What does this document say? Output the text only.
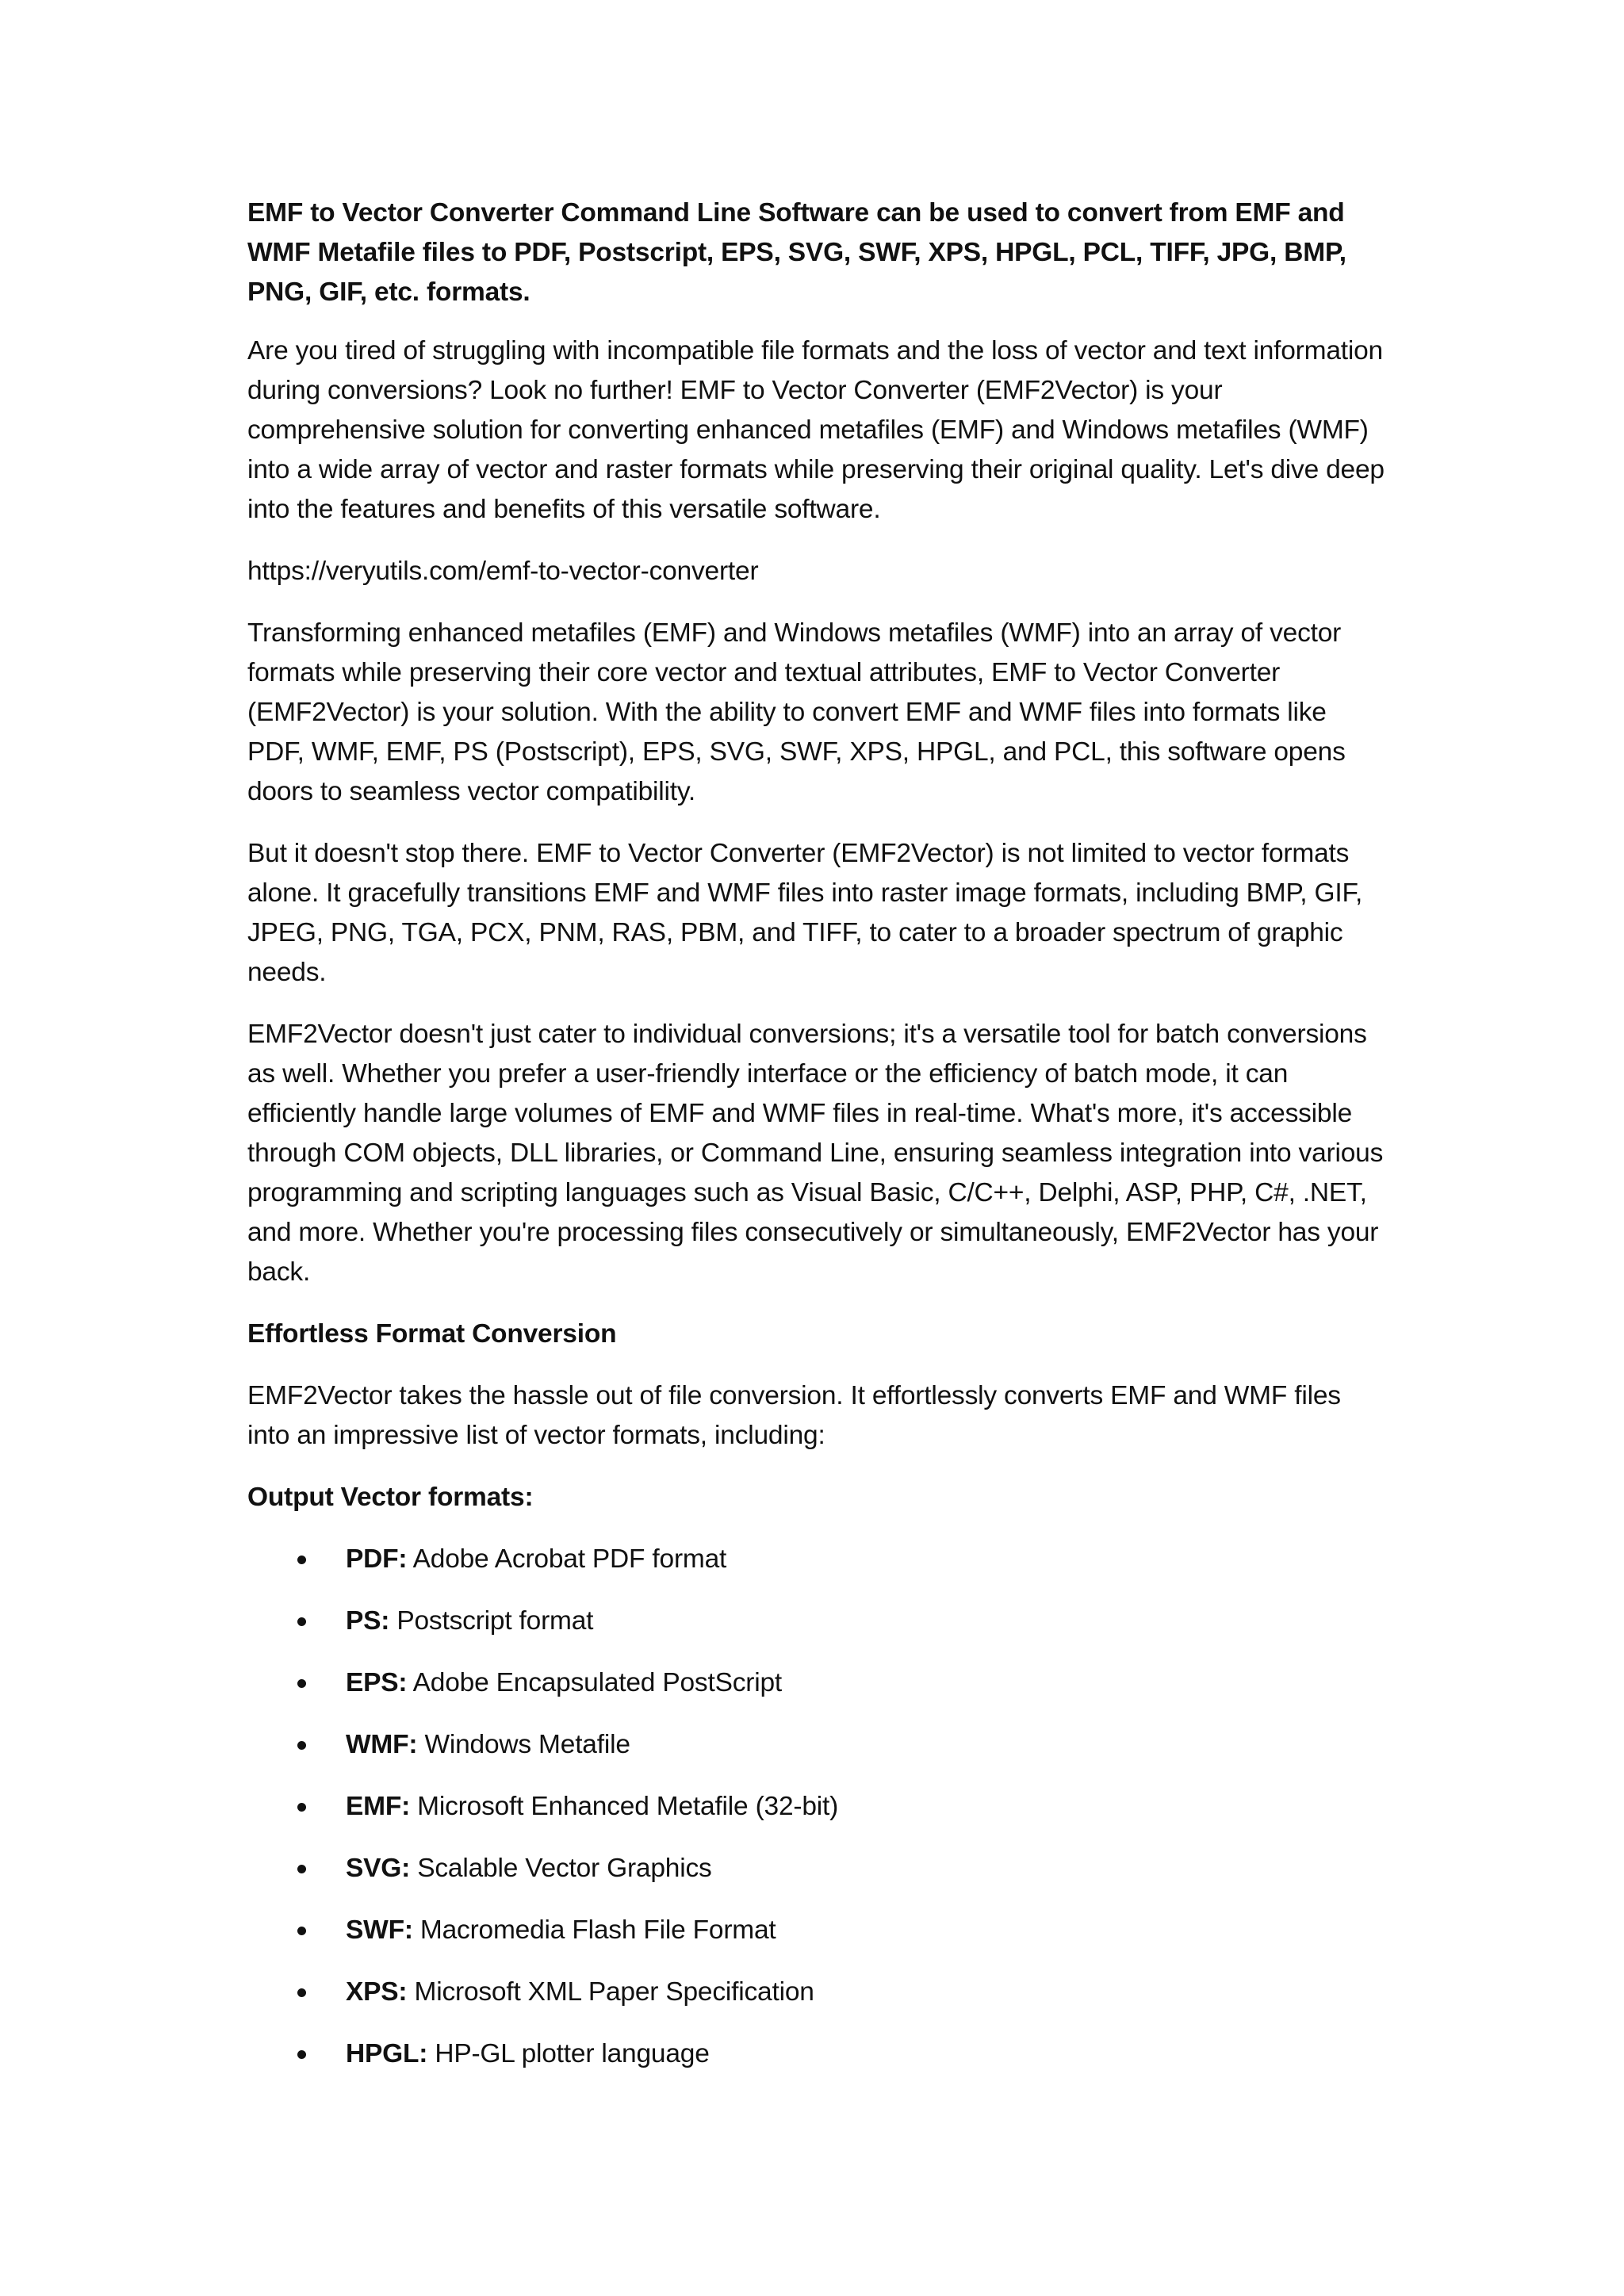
EMF to Vector Converter Command Line Software can be used to convert from EMF and WMF Metafile files to PDF, Postscript, EPS, SVG, SWF, XPS, HPGL, PCL, TIFF, JPG, BMP, PNG, GIF, etc. formats.

Are you tired of struggling with incompatible file formats and the loss of vector and text information during conversions? Look no further! EMF to Vector Converter (EMF2Vector) is your comprehensive solution for converting enhanced metafiles (EMF) and Windows metafiles (WMF) into a wide array of vector and raster formats while preserving their original quality. Let's dive deep into the features and benefits of this versatile software.

https://veryutils.com/emf-to-vector-converter

Transforming enhanced metafiles (EMF) and Windows metafiles (WMF) into an array of vector formats while preserving their core vector and textual attributes, EMF to Vector Converter (EMF2Vector) is your solution. With the ability to convert EMF and WMF files into formats like PDF, WMF, EMF, PS (Postscript), EPS, SVG, SWF, XPS, HPGL, and PCL, this software opens doors to seamless vector compatibility.

But it doesn't stop there. EMF to Vector Converter (EMF2Vector) is not limited to vector formats alone. It gracefully transitions EMF and WMF files into raster image formats, including BMP, GIF, JPEG, PNG, TGA, PCX, PNM, RAS, PBM, and TIFF, to cater to a broader spectrum of graphic needs.

EMF2Vector doesn't just cater to individual conversions; it's a versatile tool for batch conversions as well. Whether you prefer a user-friendly interface or the efficiency of batch mode, it can efficiently handle large volumes of EMF and WMF files in real-time. What's more, it's accessible through COM objects, DLL libraries, or Command Line, ensuring seamless integration into various programming and scripting languages such as Visual Basic, C/C++, Delphi, ASP, PHP, C#, .NET, and more. Whether you're processing files consecutively or simultaneously, EMF2Vector has your back.

Effortless Format Conversion

EMF2Vector takes the hassle out of file conversion. It effortlessly converts EMF and WMF files into an impressive list of vector formats, including:

Output Vector formats:

PDF: Adobe Acrobat PDF format
PS: Postscript format
EPS: Adobe Encapsulated PostScript
WMF: Windows Metafile
EMF: Microsoft Enhanced Metafile (32-bit)
SVG: Scalable Vector Graphics
SWF: Macromedia Flash File Format
XPS: Microsoft XML Paper Specification
HPGL: HP-GL plotter language
